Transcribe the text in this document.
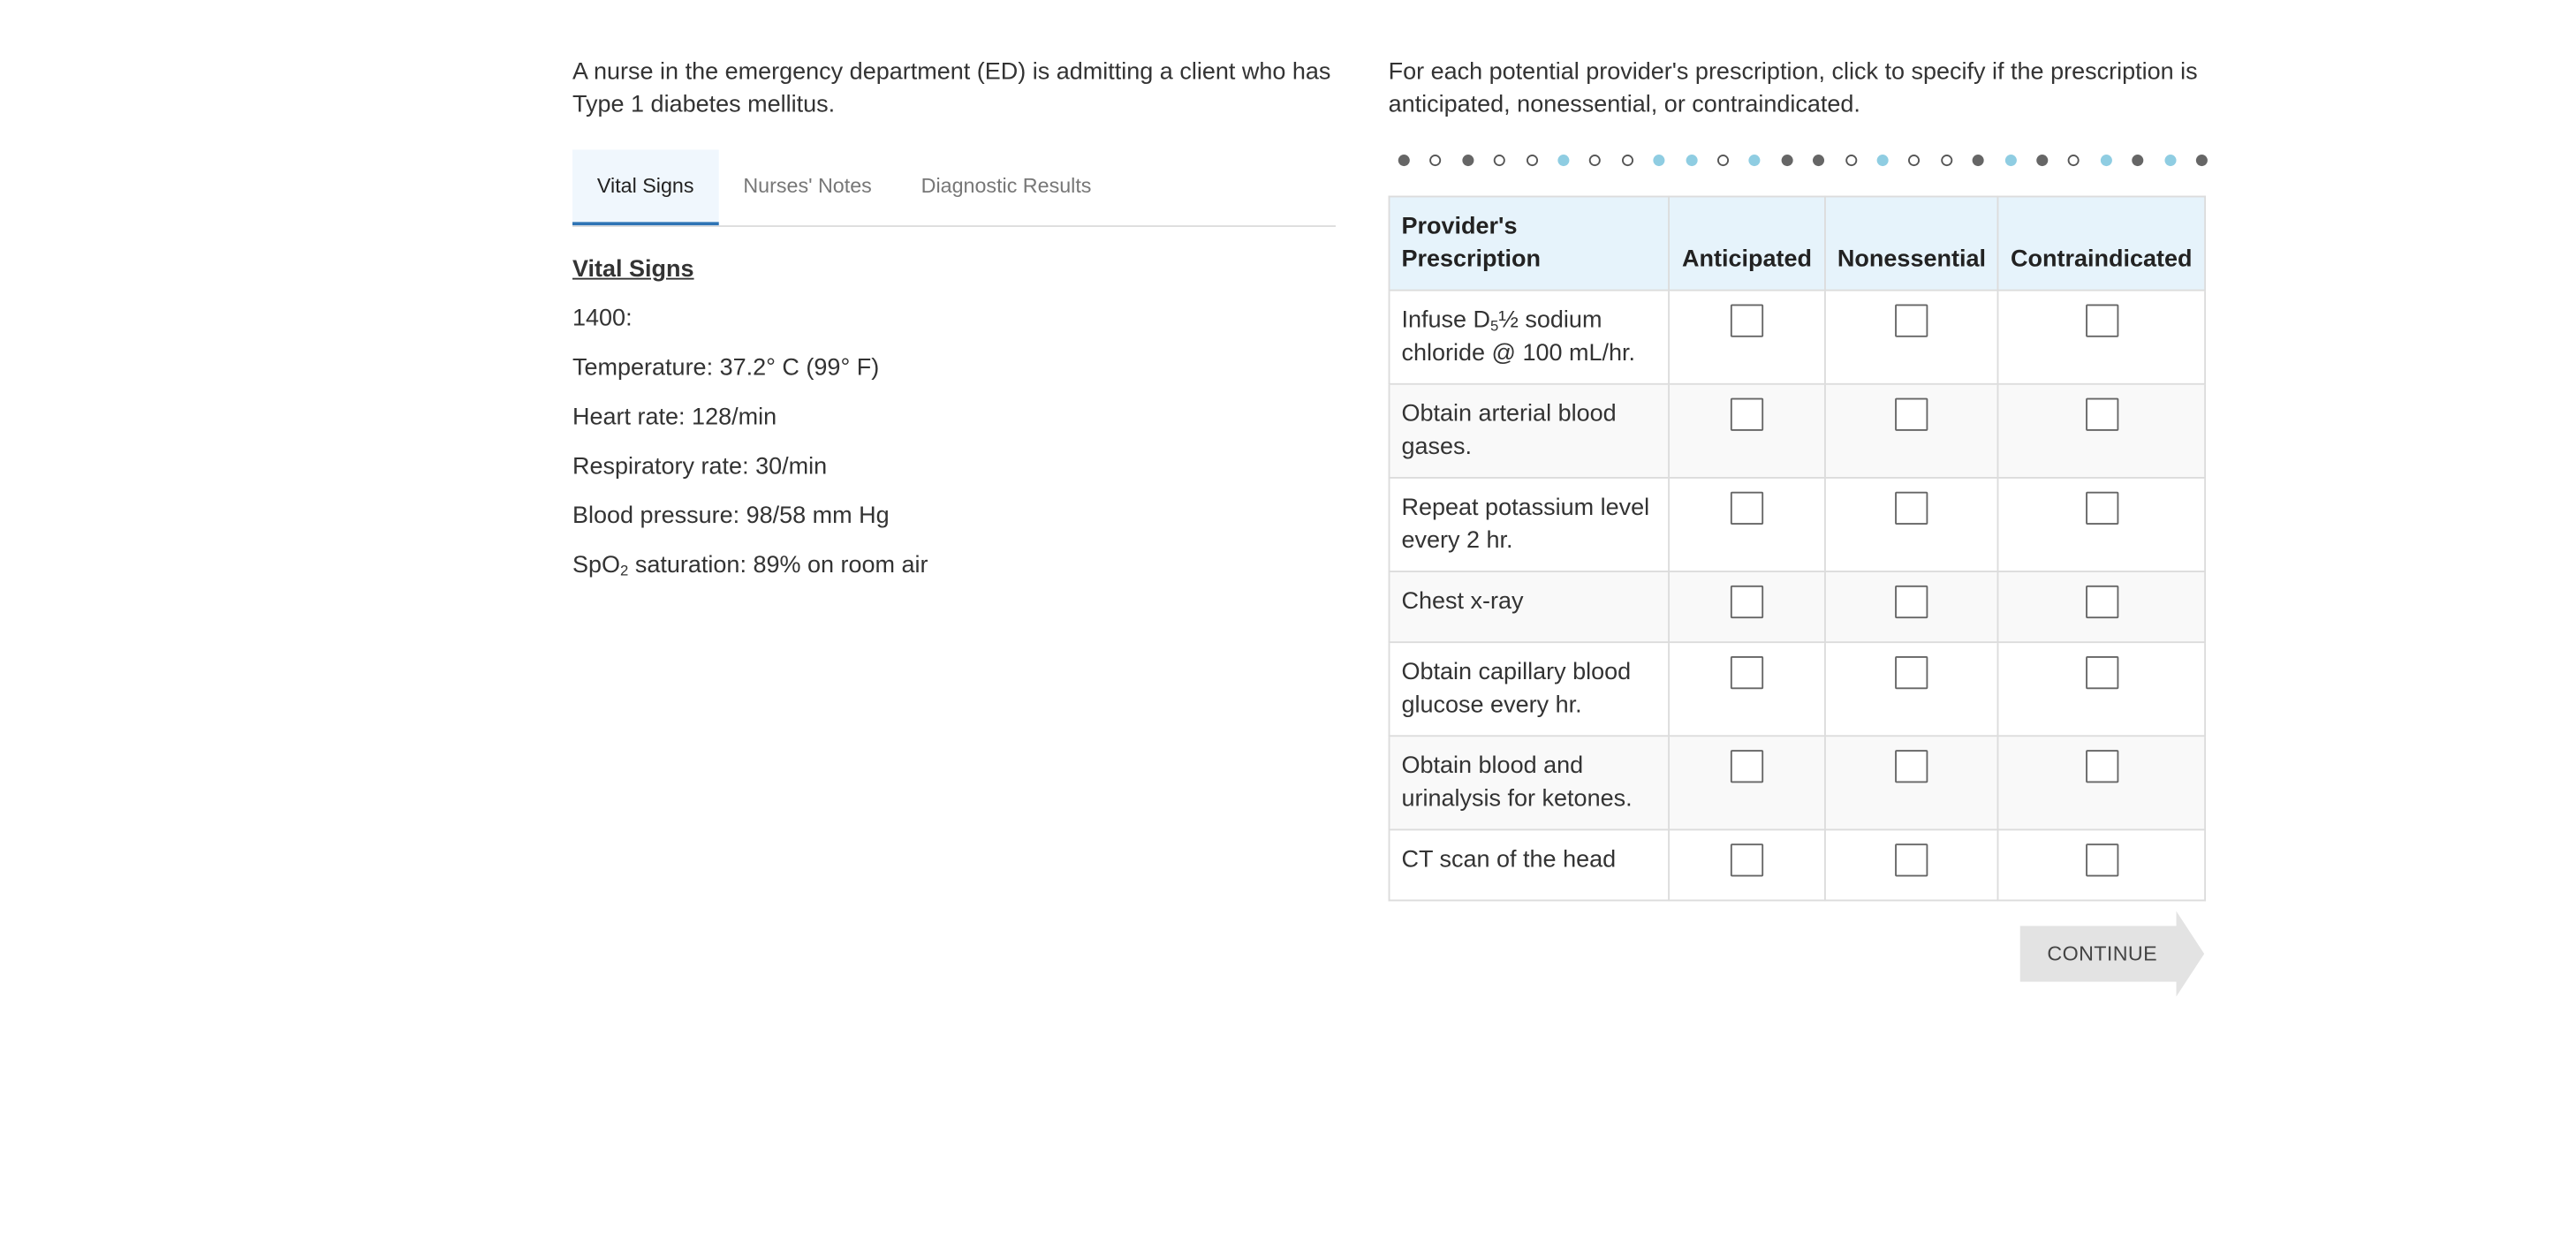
A nurse in the emergency department (ED) is admitting a client who has Type 1 diabetes mellitus.

Vital Signs	Nurses' Notes	Diagnostic Results
Vital Signs
1400:
Temperature: 37.2° C (99° F)
Heart rate: 128/min
Respiratory rate: 30/min
Blood pressure: 98/58 mm Hg
SpO$_2$ saturation: 89% on room air

For each potential provider's prescription, click to specify if the prescription is anticipated, nonessential, or contraindicated.

Provider's Prescription	Anticipated	Nonessential	Contraindicated
Infuse $D_5\frac{1}{2}$ sodium chloride @ 100 mL/hr.			
Obtain arterial blood gases.			
Repeat potassium level every 2 hr.			
Chest x-ray			
Obtain capillary blood glucose every hr.			
Obtain blood and urinalysis for ketones.			
CT scan of the head			
CONTINUE
